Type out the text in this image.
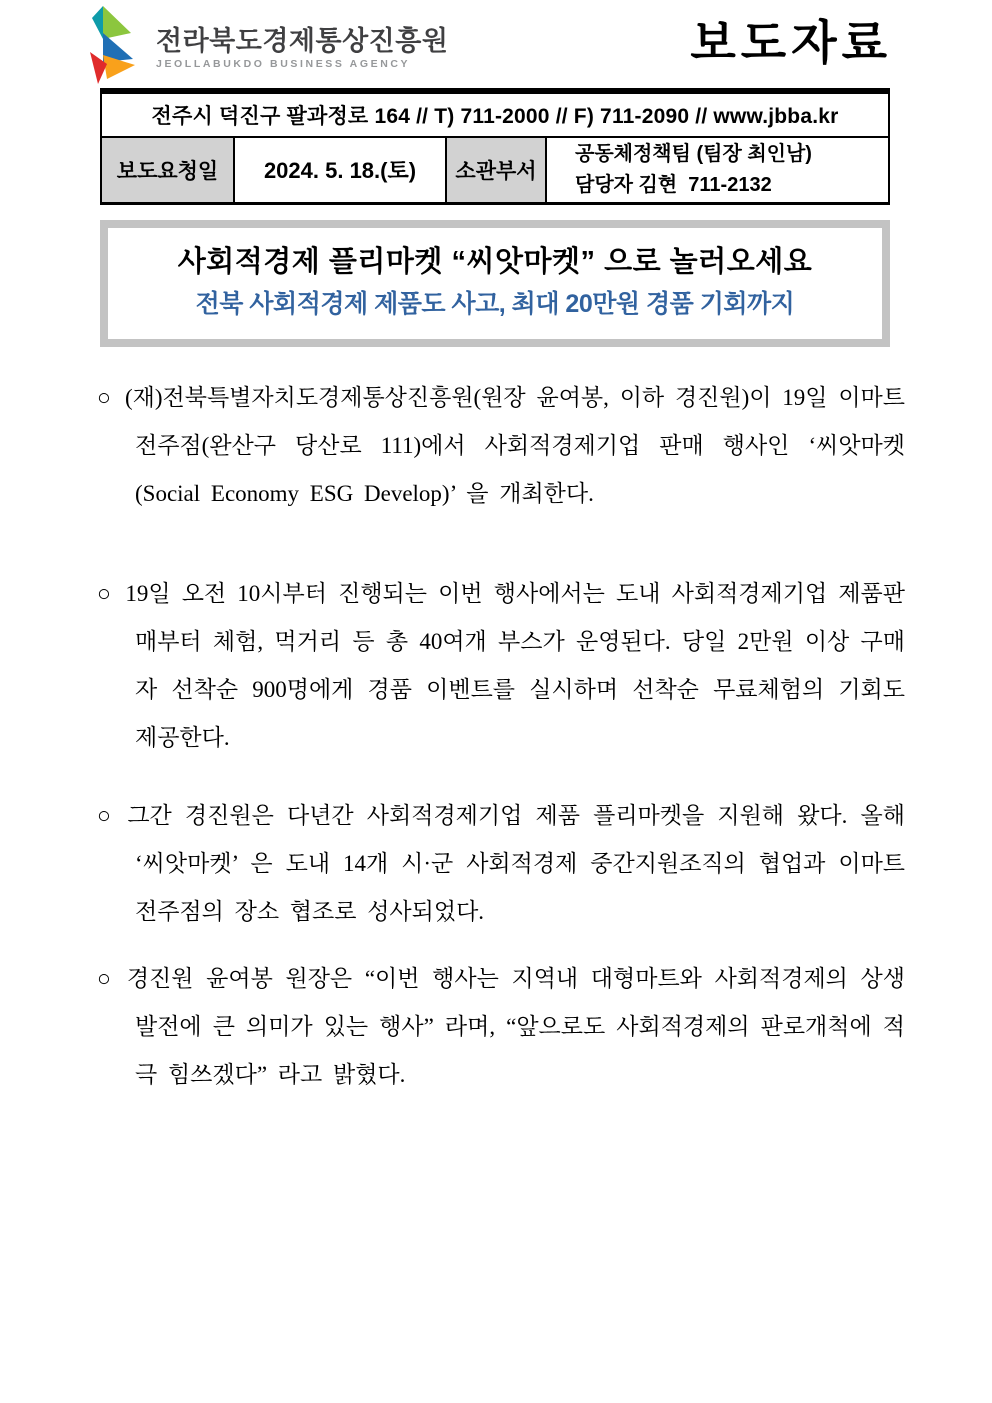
전라북도경제통상진흥원
JEOLLABUKDO BUSINESS AGENCY	보도자료
전주시 덕진구 팔과정로 164 // T) 711-2000 // F) 711-2090 // www.jbba.kr
보도요청일	2024. 5. 18.(토)	소관부서	
공동체정책팀 (팀장 최인남)
담당자 김현  711-2132
사회적경제 플리마켓 “씨앗마켓” 으로 놀러오세요
전북 사회적경제 제품도 사고, 최대 20만원 경품 기회까지

○ (재)전북특별자치도경제통상진흥원(원장 윤여봉, 이하 경진원)이 19일 이마트 전주점(완산구 당산로 111)에서 사회적경제기업 판매 행사인 ‘씨앗마켓(Social Economy ESG Develop)’ 을 개최한다.

○ 19일 오전 10시부터 진행되는 이번 행사에서는 도내 사회적경제기업 제품판매부터 체험, 먹거리 등 총 40여개 부스가 운영된다. 당일 2만원 이상 구매자 선착순 900명에게 경품 이벤트를 실시하며 선착순 무료체험의 기회도 제공한다.

○ 그간 경진원은 다년간 사회적경제기업 제품 플리마켓을 지원해 왔다. 올해 ‘씨앗마켓’ 은 도내 14개 시·군 사회적경제 중간지원조직의 협업과 이마트 전주점의 장소 협조로 성사되었다.

○ 경진원 윤여봉 원장은 “이번 행사는 지역내 대형마트와 사회적경제의 상생발전에 큰 의미가 있는 행사” 라며, “앞으로도 사회적경제의 판로개척에 적극 힘쓰겠다” 라고 밝혔다.
